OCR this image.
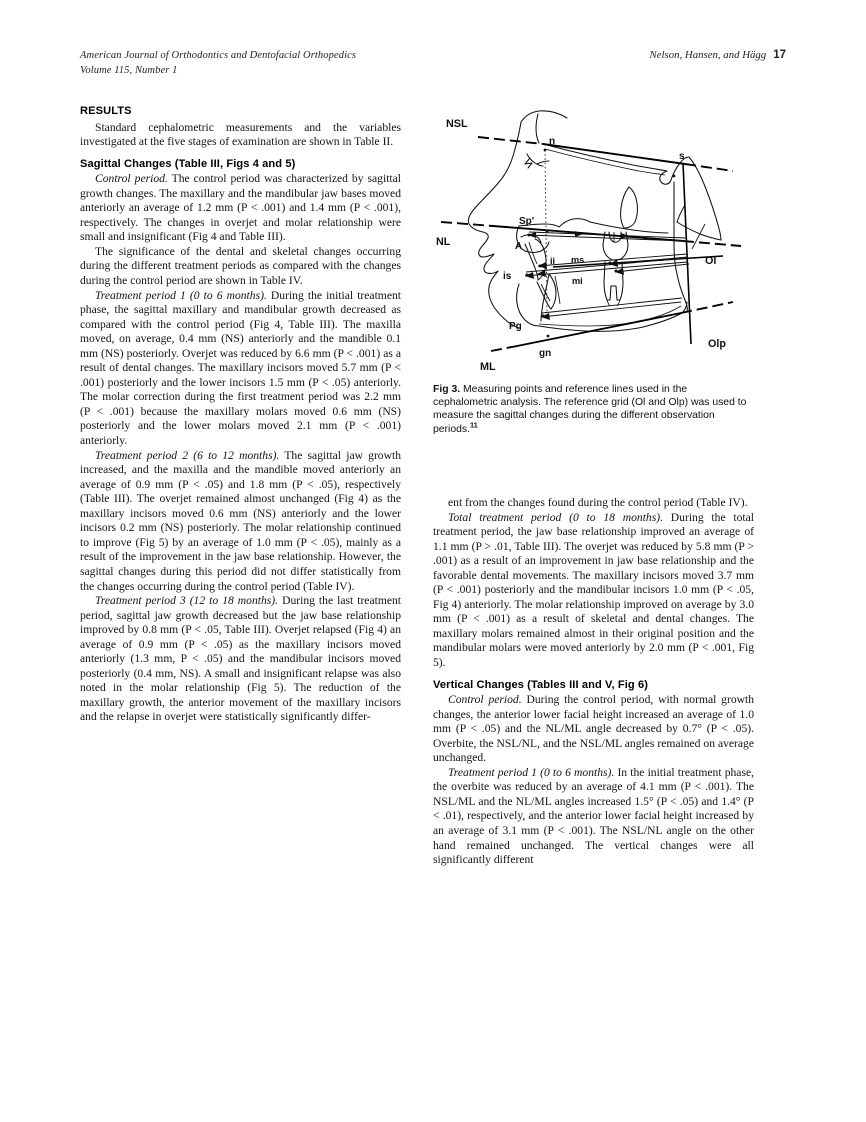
American Journal of Orthodontics and Dentofacial Orthopedics
Volume 115, Number 1
Nelson, Hansen, and Hägg 17
RESULTS

Standard cephalometric measurements and the variables investigated at the five stages of examination are shown in Table II.

Sagittal Changes (Table III, Figs 4 and 5)

Control period. The control period was characterized by sagittal growth changes. The maxillary and the mandibular jaw bases moved anteriorly an average of 1.2 mm (P < .001) and 1.4 mm (P < .001), respectively. The changes in overjet and molar relationship were small and insignificant (Fig 4 and Table III).

The significance of the dental and skeletal changes occurring during the different treatment periods as compared with the changes during the control period are shown in Table IV.

Treatment period 1 (0 to 6 months). During the initial treatment phase, the sagittal maxillary and mandibular growth decreased as compared with the control period (Fig 4, Table III). The maxilla moved, on average, 0.4 mm (NS) anteriorly and the mandible 0.1 mm (NS) posteriorly. Overjet was reduced by 6.6 mm (P < .001) as a result of dental changes. The maxillary incisors moved 5.7 mm (P < .001) posteriorly and the lower incisors 1.5 mm (P < .05) anteriorly. The molar correction during the first treatment period was 2.2 mm (P < .001) because the maxillary molars moved 0.6 mm (NS) posteriorly and the lower molars moved 2.1 mm (P < .001) anteriorly.

Treatment period 2 (6 to 12 months). The sagittal jaw growth increased, and the maxilla and the mandible moved anteriorly an average of 0.9 mm (P < .05) and 1.8 mm (P < .05), respectively (Table III). The overjet remained almost unchanged (Fig 4) as the maxillary incisors moved 0.6 mm (NS) anteriorly and the lower incisors 0.2 mm (NS) posteriorly. The molar relationship continued to improve (Fig 5) by an average of 1.0 mm (P < .05), mainly as a result of the improvement in the jaw base relationship. However, the sagittal changes during this period did not differ statistically from the changes occurring during the control period (Table IV).

Treatment period 3 (12 to 18 months). During the last treatment period, sagittal jaw growth decreased but the jaw base relationship improved by 0.8 mm (P < .05, Table III). Overjet relapsed (Fig 4) an average of 0.9 mm (P < .05) as the maxillary incisors moved anteriorly (1.3 mm, P < .05) and the mandibular incisors moved posteriorly (0.4 mm, NS). A small and insignificant relapse was also noted in the molar relationship (Fig 5). The reduction of the maxillary growth, the anterior movement of the maxillary incisors and the relapse in overjet were statistically significantly differ-

NSL
NL
ML
n
s
Sp'
A
is
ii ms
mi
Pg
gn
Ol
Olp
Fig 3. Measuring points and reference lines used in the cephalometric analysis. The reference grid (Ol and Olp) was used to measure the sagittal changes during the different observation periods.$^{11}$

ent from the changes found during the control period (Table IV).

Total treatment period (0 to 18 months). During the total treatment period, the jaw base relationship improved an average of 1.1 mm (P > .01, Table III). The overjet was reduced by 5.8 mm (P > .001) as a result of an improvement in jaw base relationship and the favorable dental movements. The maxillary incisors moved 3.7 mm (P < .001) posteriorly and the mandibular incisors 1.0 mm (P < .05, Fig 4) anteriorly. The molar relationship improved on average by 3.0 mm (P < .001) as a result of skeletal and dental changes. The maxillary molars remained almost in their original position and the mandibular molars were moved anteriorly by 2.0 mm (P < .001, Fig 5).

Vertical Changes (Tables III and V, Fig 6)

Control period. During the control period, with normal growth changes, the anterior lower facial height increased an average of 1.0 mm (P < .05) and the NL/ML angle decreased by 0.7° (P < .05). Overbite, the NSL/NL, and the NSL/ML angles remained on average unchanged.

Treatment period 1 (0 to 6 months). In the initial treatment phase, the overbite was reduced by an average of 4.1 mm (P < .001). The NSL/ML and the NL/ML angles increased 1.5° (P < .05) and 1.4° (P < .01), respectively, and the anterior lower facial height increased by an average of 3.1 mm (P < .001). The NSL/NL angle on the other hand remained unchanged. The vertical changes were all significantly different
